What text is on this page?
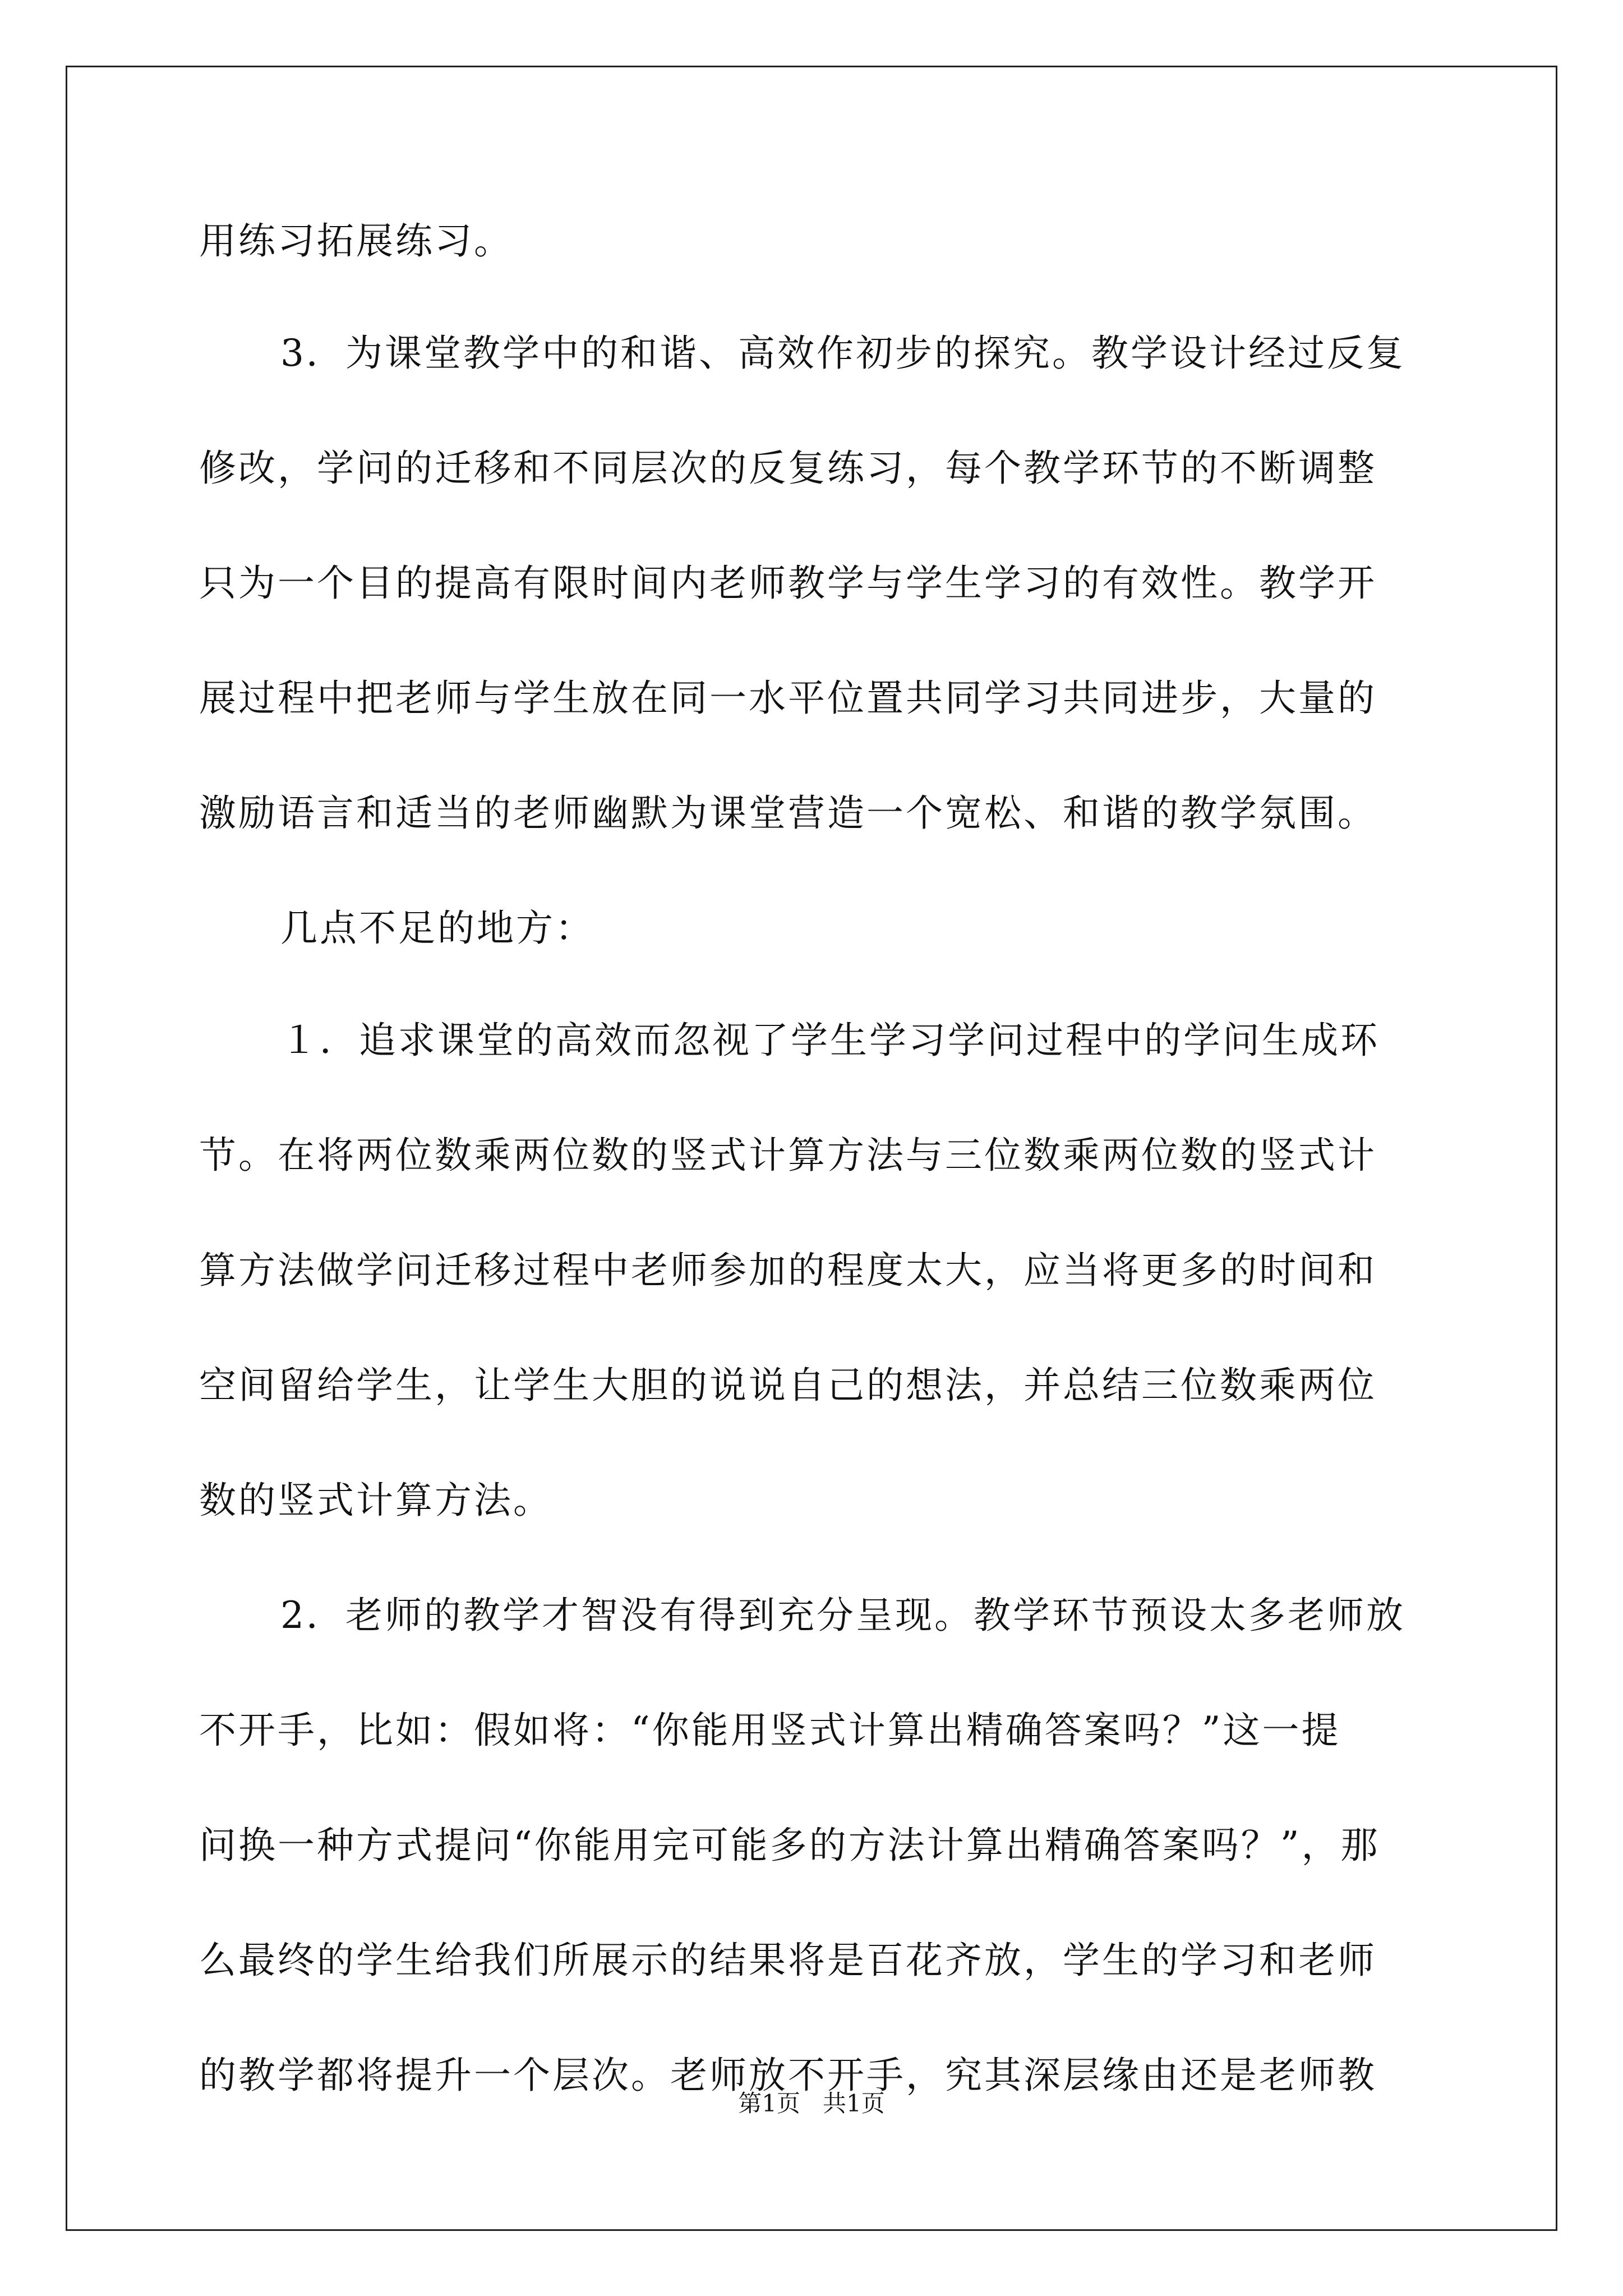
用练习拓展练习。
3．为课堂教学中的和谐、高效作初步的探究。教学设计经过反复
修改，学问的迁移和不同层次的反复练习，每个教学环节的不断调整
只为一个目的提高有限时间内老师教学与学生学习的有效性。教学开
展过程中把老师与学生放在同一水平位置共同学习共同进步，大量的
激励语言和适当的老师幽默为课堂营造一个宽松、和谐的教学氛围。
几点不足的地方：
１．追求课堂的高效而忽视了学生学习学问过程中的学问生成环
节。在将两位数乘两位数的竖式计算方法与三位数乘两位数的竖式计
算方法做学问迁移过程中老师参加的程度太大，应当将更多的时间和
空间留给学生，让学生大胆的说说自己的想法，并总结三位数乘两位
数的竖式计算方法。
2．老师的教学才智没有得到充分呈现。教学环节预设太多老师放
不开手，比如：假如将：“你能用竖式计算出精确答案吗？”这一提
问换一种方式提问“你能用完可能多的方法计算出精确答案吗？”，那
么最终的学生给我们所展示的结果将是百花齐放，学生的学习和老师
的教学都将提升一个层次。老师放不开手，究其深层缘由还是老师教
第1页   共1页
